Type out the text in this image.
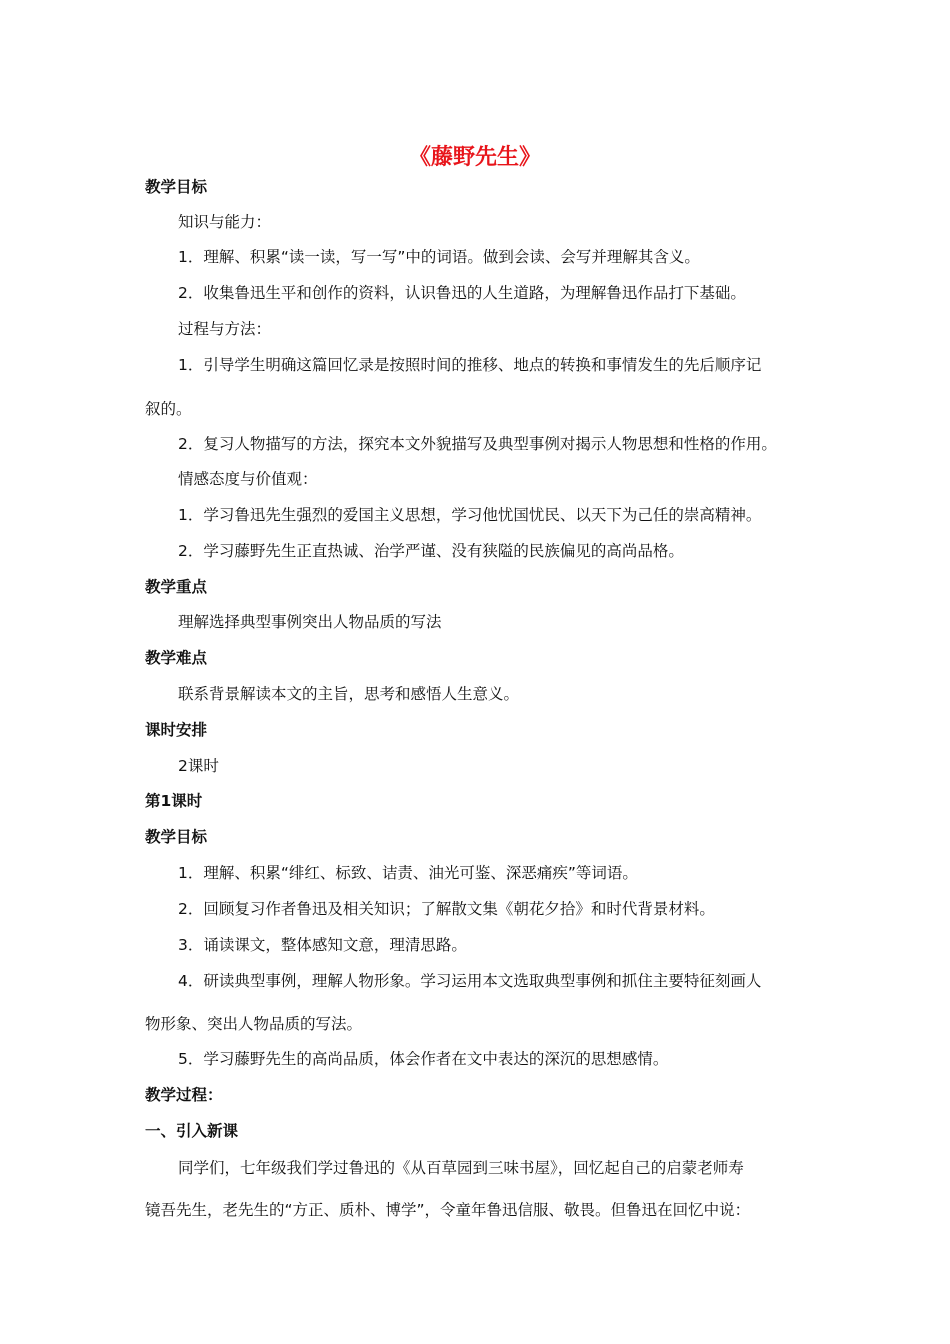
《藤野先生》
教学目标
知识与能力：
1．理解、积累“读一读，写一写”中的词语。做到会读、会写并理解其含义。
2．收集鲁迅生平和创作的资料，认识鲁迅的人生道路，为理解鲁迅作品打下基础。
过程与方法：
1．引导学生明确这篇回忆录是按照时间的推移、地点的转换和事情发生的先后顺序记
叙的。
2．复习人物描写的方法，探究本文外貌描写及典型事例对揭示人物思想和性格的作用。
情感态度与价值观：
1．学习鲁迅先生强烈的爱国主义思想，学习他忧国忧民、以天下为己任的崇高精神。
2．学习藤野先生正直热诚、治学严谨、没有狭隘的民族偏见的高尚品格。
教学重点
理解选择典型事例突出人物品质的写法
教学难点
联系背景解读本文的主旨，思考和感悟人生意义。
课时安排
2课时
第1课时
教学目标
1．理解、积累“绯红、标致、诘责、油光可鉴、深恶痛疾”等词语。
2．回顾复习作者鲁迅及相关知识；了解散文集《朝花夕拾》和时代背景材料。
3．诵读课文，整体感知文意，理清思路。
4．研读典型事例，理解人物形象。学习运用本文选取典型事例和抓住主要特征刻画人
物形象、突出人物品质的写法。
5．学习藤野先生的高尚品质，体会作者在文中表达的深沉的思想感情。
教学过程：
一、引入新课
同学们，七年级我们学过鲁迅的《从百草园到三味书屋》，回忆起自己的启蒙老师寿
镜吾先生，老先生的“方正、质朴、博学”，令童年鲁迅信服、敬畏。但鲁迅在回忆中说：
